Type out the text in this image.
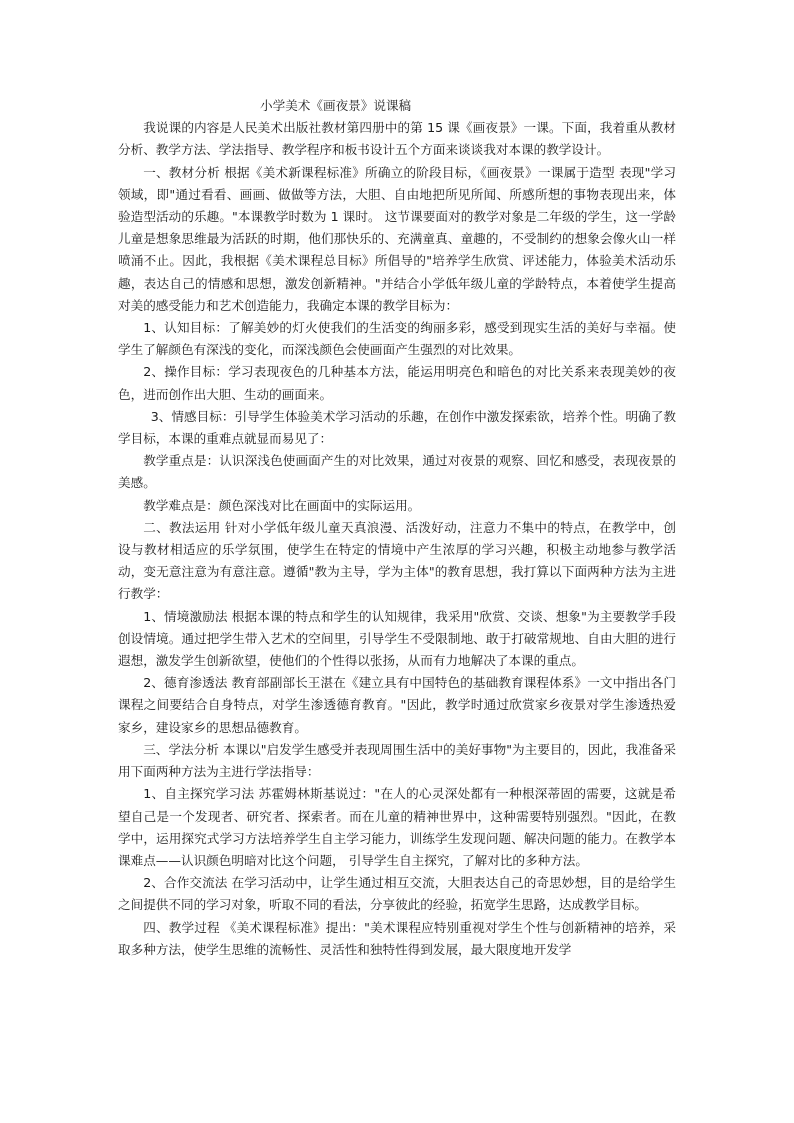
小学美术《画夜景》说课稿

我说课的内容是人民美术出版社教材第四册中的第 15 课《画夜景》一课。下面，我着重从教材分析、教学方法、学法指导、教学程序和板书设计五个方面来谈谈我对本课的教学设计。

一、教材分析 根据《美术新课程标准》所确立的阶段目标，《画夜景》一课属于造型 表现"学习领域，即"通过看看、画画、做做等方法，大胆、自由地把所见所闻、所感所想的事物表现出来，体验造型活动的乐趣。"本课教学时数为 1 课时。 这节课要面对的教学对象是二年级的学生，这一学龄儿童是想象思维最为活跃的时期，他们那快乐的、充满童真、童趣的，不受制约的想象会像火山一样喷涌不止。因此，我根据《美术课程总目标》所倡导的"培养学生欣赏、评述能力，体验美术活动乐趣，表达自己的情感和思想，激发创新精神。"并结合小学低年级儿童的学龄特点，本着使学生提高对美的感受能力和艺术创造能力，我确定本课的教学目标为：

1、认知目标：了解美妙的灯火使我们的生活变的绚丽多彩，感受到现实生活的美好与幸福。使学生了解颜色有深浅的变化，而深浅颜色会使画面产生强烈的对比效果。

2、操作目标：学习表现夜色的几种基本方法，能运用明亮色和暗色的对比关系来表现美妙的夜色，进而创作出大胆、生动的画面来。

3、情感目标：引导学生体验美术学习活动的乐趣，在创作中激发探索欲，培养个性。明确了教学目标，本课的重难点就显而易见了：

教学重点是：认识深浅色使画面产生的对比效果，通过对夜景的观察、回忆和感受，表现夜景的美感。

教学难点是：颜色深浅对比在画面中的实际运用。

二、教法运用 针对小学低年级儿童天真浪漫、活泼好动，注意力不集中的特点，在教学中，创设与教材相适应的乐学氛围，使学生在特定的情境中产生浓厚的学习兴趣，积极主动地参与教学活动，变无意注意为有意注意。遵循"教为主导，学为主体"的教育思想，我打算以下面两种方法为主进行教学：

1、情境激励法 根据本课的特点和学生的认知规律，我采用"欣赏、交谈、想象"为主要教学手段创设情境。通过把学生带入艺术的空间里，引导学生不受限制地、敢于打破常规地、自由大胆的进行遐想，激发学生创新欲望，使他们的个性得以张扬，从而有力地解决了本课的重点。

2、德育渗透法 教育部副部长王湛在《建立具有中国特色的基础教育课程体系》一文中指出各门课程之间要结合自身特点，对学生渗透德育教育。"因此，教学时通过欣赏家乡夜景对学生渗透热爱家乡，建设家乡的思想品德教育。

三、学法分析 本课以"启发学生感受并表现周围生活中的美好事物"为主要目的，因此，我准备采用下面两种方法为主进行学法指导：

1、自主探究学习法 苏霍姆林斯基说过："在人的心灵深处都有一种根深蒂固的需要，这就是希望自己是一个发现者、研究者、探索者。而在儿童的精神世界中，这种需要特别强烈。"因此，在教学中，运用探究式学习方法培养学生自主学习能力，训练学生发现问题、解决问题的能力。在教学本课难点——认识颜色明暗对比这个问题， 引导学生自主探究，了解对比的多种方法。

2、合作交流法 在学习活动中，让学生通过相互交流，大胆表达自己的奇思妙想，目的是给学生之间提供不同的学习对象，听取不同的看法，分享彼此的经验，拓宽学生思路，达成教学目标。

四、教学过程 《美术课程标准》提出："美术课程应特别重视对学生个性与创新精神的培养，采取多种方法，使学生思维的流畅性、灵活性和独特性得到发展，最大限度地开发学
